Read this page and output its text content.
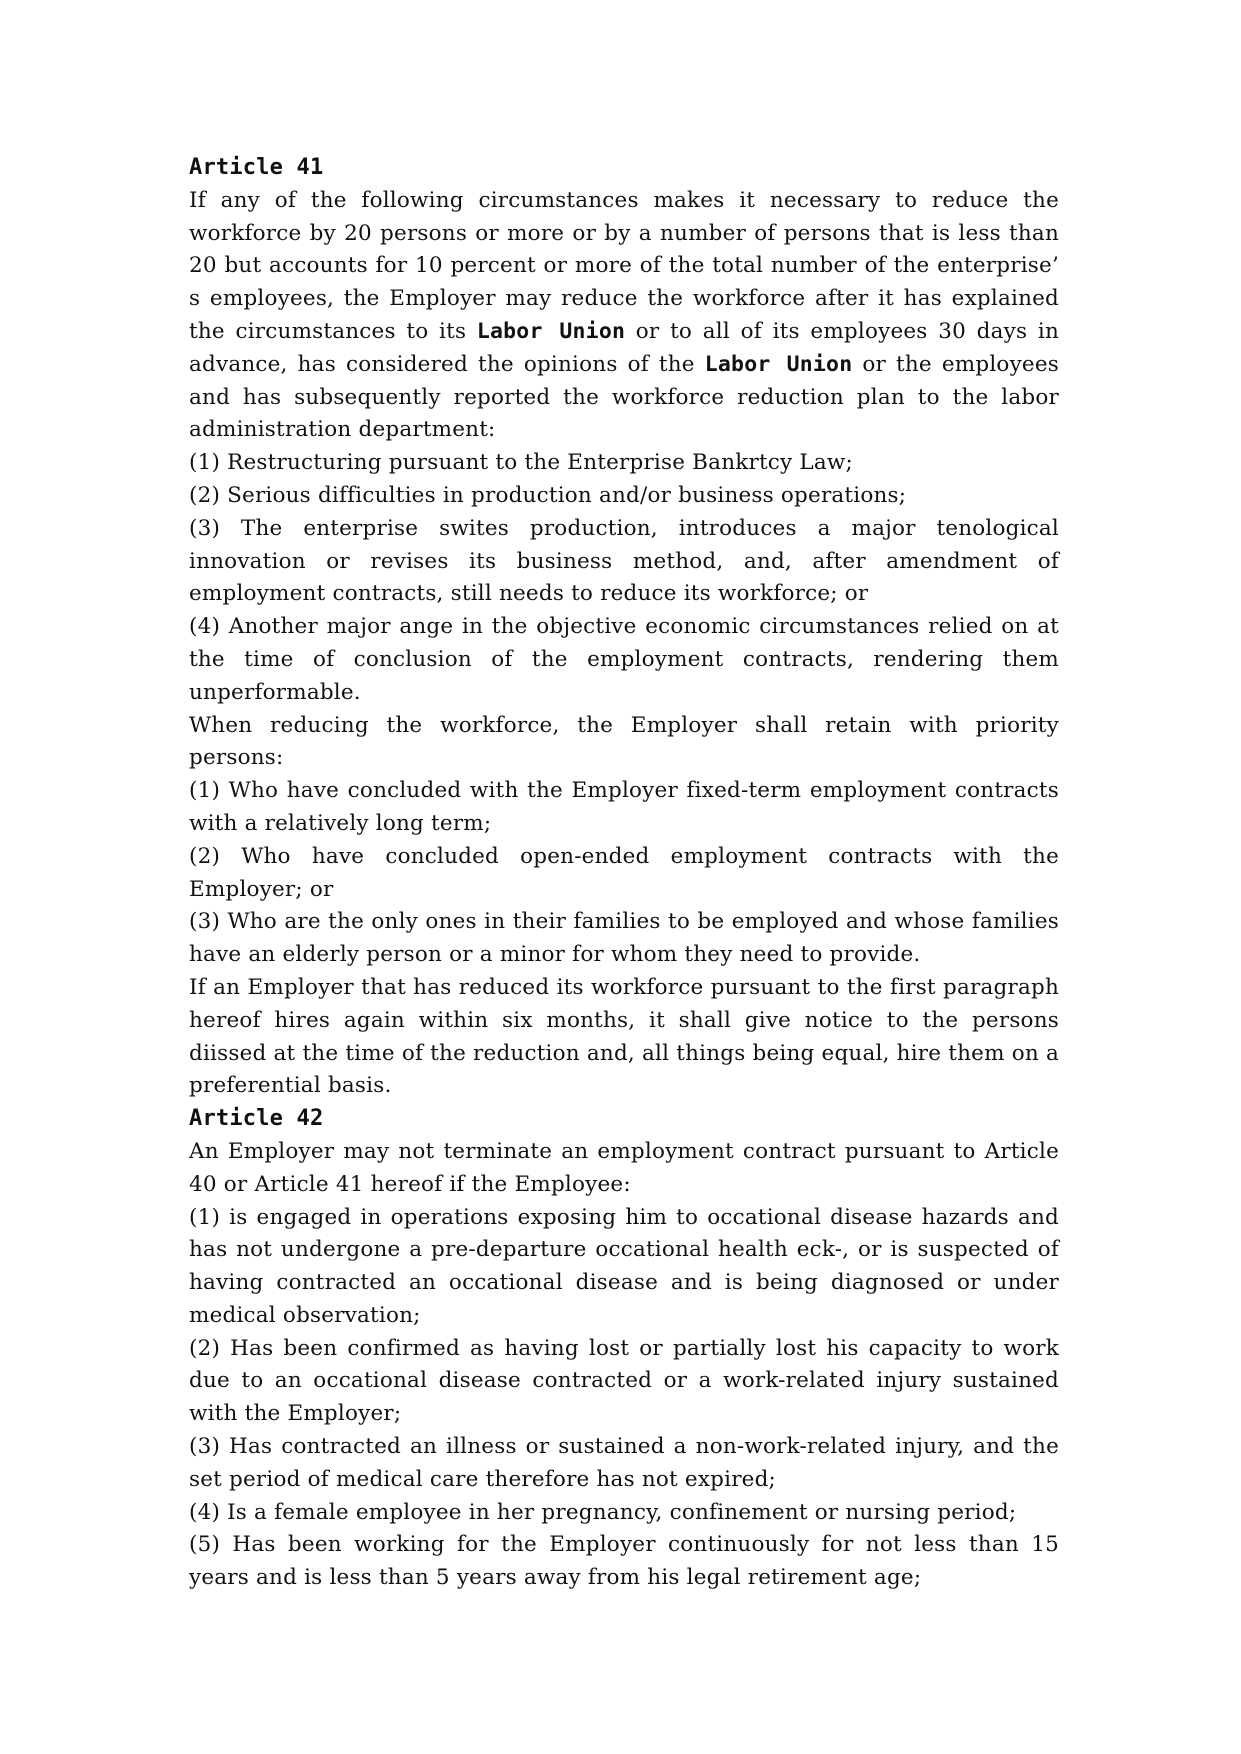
Article 41

If any of the following circumstances makes it necessary to reduce the workforce by 20 persons or more or by a number of persons that is less than 20 but accounts for 10 percent or more of the total number of the enterprise’ s employees, the Employer may reduce the workforce after it has explained the circumstances to its Labor Union or to all of its employees 30 days in advance, has considered the opinions of the Labor Union or the employees and has subsequently reported the workforce reduction plan to the labor administration department:

(1) Restructuring pursuant to the Enterprise Bankrtcy Law;

(2) Serious difficulties in production and/or business operations;

(3) The enterprise swites production, introduces a major tenological innovation or revises its business method, and, after amendment of employment contracts, still needs to reduce its workforce; or

(4) Another major ange in the objective economic circumstances relied on at the time of conclusion of the employment contracts, rendering them unperformable.

When reducing the workforce, the Employer shall retain with priority persons:

(1) Who have concluded with the Employer fixed-term employment contracts with a relatively long term;

(2) Who have concluded open-ended employment contracts with the Employer; or

(3) Who are the only ones in their families to be employed and whose families have an elderly person or a minor for whom they need to provide.

If an Employer that has reduced its workforce pursuant to the first paragraph hereof hires again within six months, it shall give notice to the persons diissed at the time of the reduction and, all things being equal, hire them on a preferential basis.

Article 42

An Employer may not terminate an employment contract pursuant to Article 40 or Article 41 hereof if the Employee:

(1) is engaged in operations exposing him to occational disease hazards and has not undergone a pre-departure occational health eck-, or is suspected of having contracted an occational disease and is being diagnosed or under medical observation;

(2) Has been confirmed as having lost or partially lost his capacity to work due to an occational disease contracted or a work-related injury sustained with the Employer;

(3) Has contracted an illness or sustained a non-work-related injury, and the set period of medical care therefore has not expired;

(4) Is a female employee in her pregnancy, confinement or nursing period;

(5) Has been working for the Employer continuously for not less than 15 years and is less than 5 years away from his legal retirement age;
